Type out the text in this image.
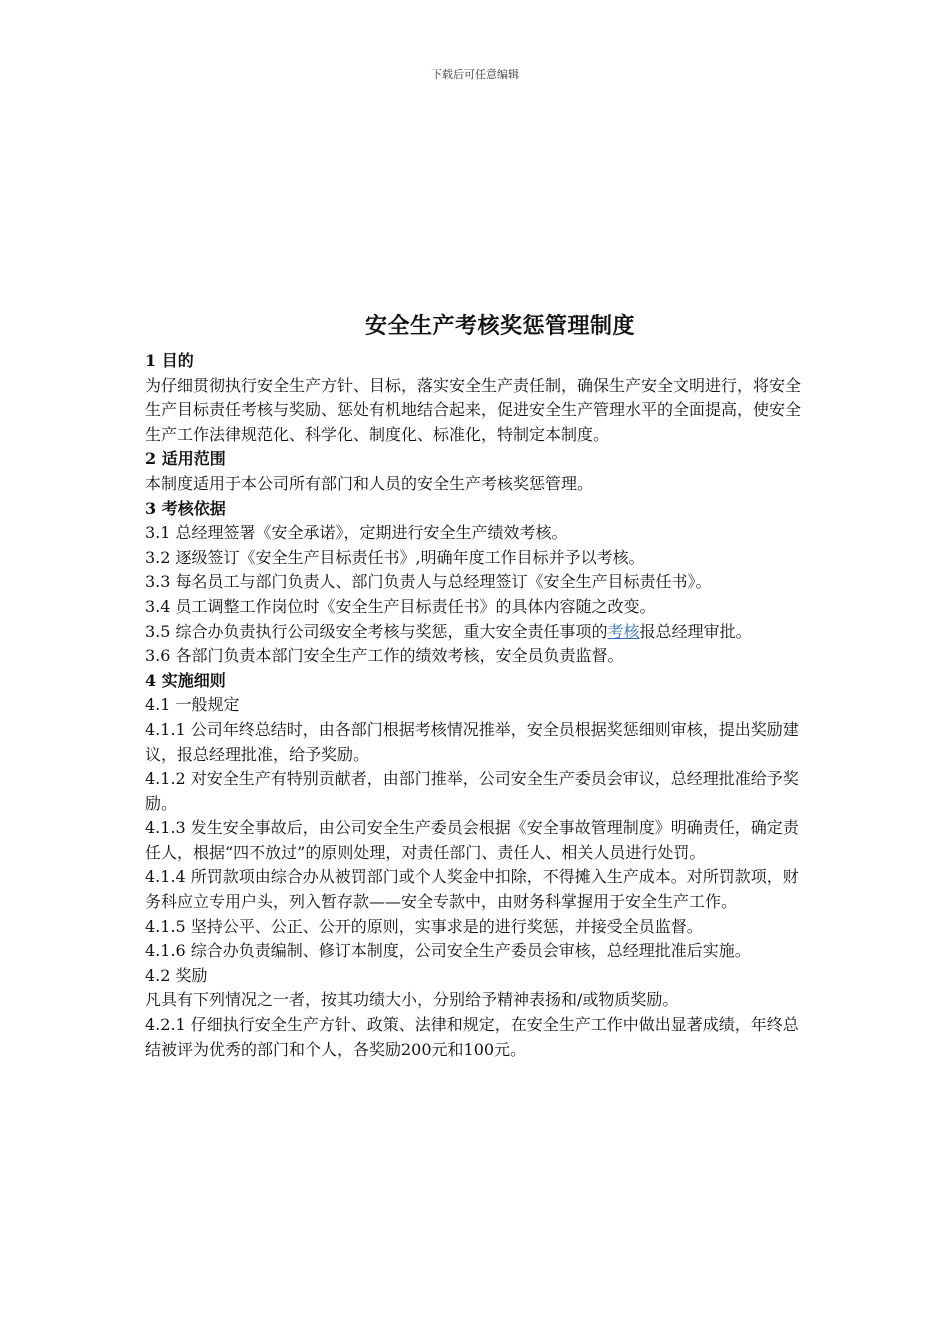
下载后可任意编辑
安全生产考核奖惩管理制度

1 目的

为仔细贯彻执行安全生产方针、目标，落实安全生产责任制，确保生产安全文明进行，将安全生产目标责任考核与奖励、惩处有机地结合起来，促进安全生产管理水平的全面提高，使安全生产工作法律规范化、科学化、制度化、标准化，特制定本制度。

2 适用范围

本制度适用于本公司所有部门和人员的安全生产考核奖惩管理。

3 考核依据

3.1 总经理签署《安全承诺》，定期进行安全生产绩效考核。

3.2 逐级签订《安全生产目标责任书》,明确年度工作目标并予以考核。

3.3 每名员工与部门负责人、部门负责人与总经理签订《安全生产目标责任书》。

3.4 员工调整工作岗位时《安全生产目标责任书》的具体内容随之改变。

3.5 综合办负责执行公司级安全考核与奖惩，重大安全责任事项的考核报总经理审批。

3.6 各部门负责本部门安全生产工作的绩效考核，安全员负责监督。

4 实施细则

4.1 一般规定

4.1.1 公司年终总结时，由各部门根据考核情况推举，安全员根据奖惩细则审核，提出奖励建议，报总经理批准，给予奖励。

4.1.2 对安全生产有特别贡献者，由部门推举，公司安全生产委员会审议，总经理批准给予奖励。

4.1.3 发生安全事故后，由公司安全生产委员会根据《安全事故管理制度》明确责任，确定责任人，根据“四不放过”的原则处理，对责任部门、责任人、相关人员进行处罚。

4.1.4 所罚款项由综合办从被罚部门或个人奖金中扣除，不得摊入生产成本。对所罚款项，财务科应立专用户头，列入暂存款——安全专款中，由财务科掌握用于安全生产工作。

4.1.5 坚持公平、公正、公开的原则，实事求是的进行奖惩，并接受全员监督。

4.1.6 综合办负责编制、修订本制度，公司安全生产委员会审核，总经理批准后实施。

4.2 奖励

凡具有下列情况之一者，按其功绩大小，分别给予精神表扬和/或物质奖励。

4.2.1 仔细执行安全生产方针、政策、法律和规定，在安全生产工作中做出显著成绩，年终总结被评为优秀的部门和个人，各奖励200元和100元。
